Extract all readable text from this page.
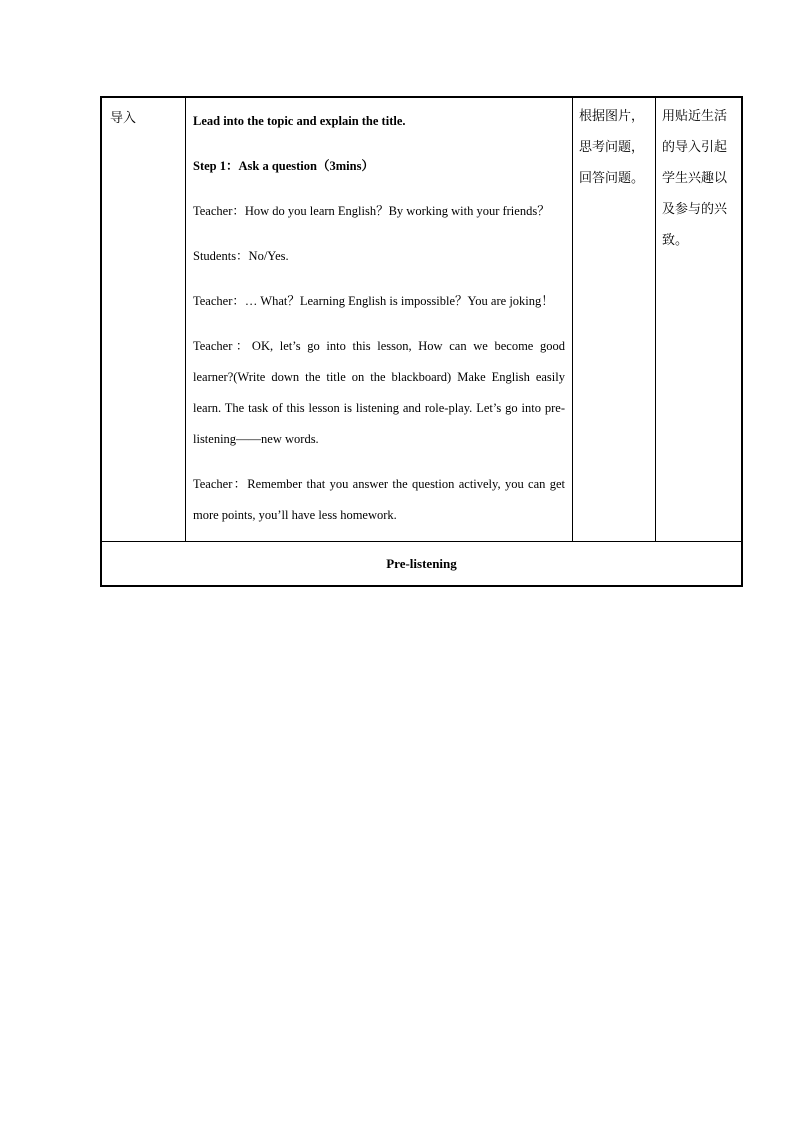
导入	Lead into the topic and explain the title.

Step 1：Ask a question（3mins）

Teacher：How do you learn English？By working with your friends？

Students：No/Yes.

Teacher：… What？Learning English is impossible？You are joking！

Teacher：OK, let’s go into this lesson, How can we become good learner?(Write down the title on the blackboard) Make English easily learn. The task of this lesson is listening and role-play. Let’s go into pre-listening——new words.

Teacher：Remember that you answer the question actively, you can get more points, you’ll have less homework.

	根据图片，思考问题，回答问题。	用贴近生活的导入引起学生兴趣以及参与的兴致。
Pre-listening
